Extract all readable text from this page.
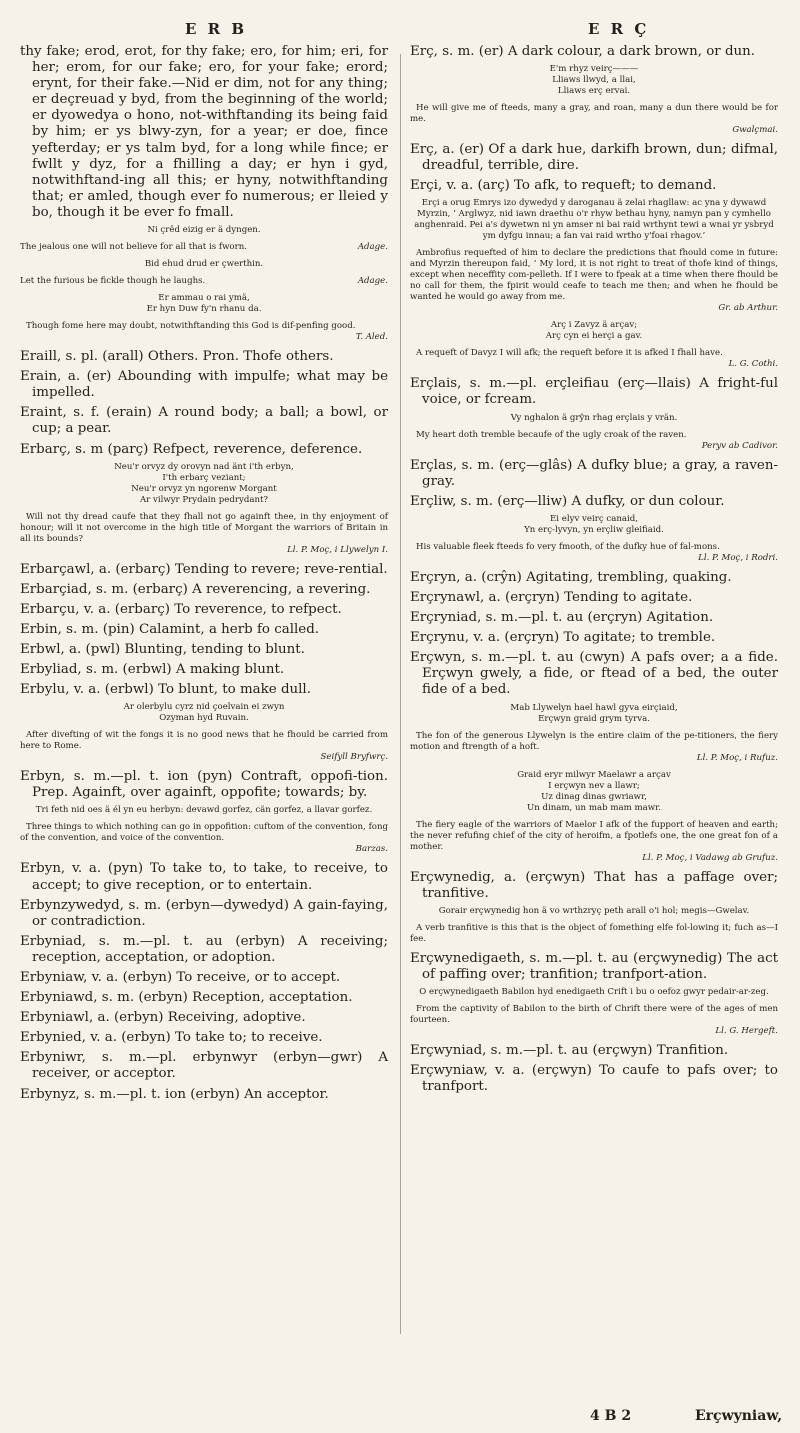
E R B	E R Ç

thy fake; erod, erot, for thy fake; ero, for him; eri, for her; erom, for our fake; ero, for your fake; erord; erynt, for their fake.—Nid er dim, not for any thing; er deçreuad y byd, from the beginning of the world; er dyowedya o hono, not-withftanding its being faid by him; er ys blwy-zyn, for a year; er doe, fince yefterday; er ys talm byd, for a long while fince; er fwllt y dyz, for a fhilling a day; er hyn i gyd, notwithftand-ing all this; er hyny, notwithftanding that; er amled, though ever fo numerous; er lleied y bo, though it be ever fo fmall.

Ni çrêd eizig er ä dyngen.

The jealous one will not believe for all that is fworn.	Adage.

Bid ehud drud er çwerthin.

Let the furious be fickle though he laughs.	Adage.

Er ammau o rai ymä,

Er hyn Duw fy'n rhanu da.

Though fome here may doubt, notwithftanding this God is dif-penfing good.

T. Aled.

Eraill, s. pl. (arall) Others. Pron. Thofe others.

Erain, a. (er) Abounding with impulfe; what may be impelled.

Eraint, s. f. (erain) A round body; a ball; a bowl, or cup; a pear.

Erbarç, s. m (parç) Refpect, reverence, deference.

Neu'r orvyz dy orovyn nad änt i'th erbyn,

I'th erbarç veziant;

Neu'r orvyz yn ngorenw Morgant

Ar vilwyr Prydain pedrydant?

Will not thy dread caufe that they fhall not go againft thee, in thy enjoyment of honour; will it not overcome in the high title of Morgant the warriors of Britain in all its bounds?

Ll. P. Moç, i Llywelyn I.

Erbarçawl, a. (erbarç) Tending to revere; reve-rential.

Erbarçiad, s. m. (erbarç) A reverencing, a revering.

Erbarçu, v. a. (erbarç) To reverence, to refpect.

Erbin, s. m. (pin) Calamint, a herb fo called.

Erbwl, a. (pwl) Blunting, tending to blunt.

Erbyliad, s. m. (erbwl) A making blunt.

Erbylu, v. a. (erbwl) To blunt, to make dull.

Ar olerbylu cyrz nid çoelvain ei zwyn

Ozyman hyd Ruvain.

After divefting of wit the fongs it is no good news that he fhould be carried from here to Rome.

Seifyll Bryfwrç.

Erbyn, s. m.—pl. t. ion (pyn) Contraft, oppofi-tion. Prep. Againft, over againft, oppofite; towards; by.

Tri feth nid oes ä él yn eu herbyn: devawd gorfez, cän gorfez, a llavar gorfez.

Three things to which nothing can go in oppofition: cuftom of the convention, fong of the convention, and voice of the convention.

Barzas.

Erbyn, v. a. (pyn) To take to, to take, to receive, to accept; to give reception, or to entertain.

Erbynzywedyd, s. m. (erbyn—dywedyd) A gain-faying, or contradiction.

Erbyniad, s. m.—pl. t. au (erbyn) A receiving; reception, acceptation, or adoption.

Erbyniaw, v. a. (erbyn) To receive, or to accept.

Erbyniawd, s. m. (erbyn) Reception, acceptation.

Erbyniawl, a. (erbyn) Receiving, adoptive.

Erbynied, v. a. (erbyn) To take to; to receive.

Erbyniwr, s. m.—pl. erbynwyr (erbyn—gwr) A receiver, or acceptor.

Erbynyz, s. m.—pl. t. ion (erbyn) An acceptor.

Erç, s. m. (er) A dark colour, a dark brown, or dun.

E'm rhyz veirç———

Lliaws llwyd, a llai,

Lliaws erç ervai.

He will give me of fteeds, many a gray, and roan, many a dun there would be for me.

Gwalçmai.

Erç, a. (er) Of a dark hue, darkifh brown, dun; difmal, dreadful, terrible, dire.

Erçi, v. a. (arç) To afk, to requeft; to demand.

Erçi a orug Emrys izo dywedyd y daroganau ä zelai rhagllaw: ac yna y dywawd Myrzin, ‘ Arglwyz, nid iawn draethu o'r rhyw bethau hyny, namyn pan y cymhello anghenraid. Pei a's dywetwn ni yn amser ni bai raid wrthynt tewi a wnai yr ysbryd ym dyfgu innau; a fan vai raid wrtho y'foai rhagov.’

Ambrofius requefted of him to declare the predictions that fhould come in future: and Myrzin thereupon faid, ‘ My lord, it is not right to treat of thofe kind of things, except when neceffity com-pelleth. If I were to fpeak at a time when there fhould be no call for them, the fpirit would ceafe to teach me then; and when he fhould be wanted he would go away from me.

Gr. ab Arthur.

Arç i Zavyz ä arçav;

Arç cyn ei herçi a gav.

A requeft of Davyz I will afk; the requeft before it is afked I fhall have.

L. G. Cothi.

Erçlais, s. m.—pl. erçleifiau (erç—llais) A fright-ful voice, or fcream.

Vy nghalon ä grŷn rhag erçlais y vrän.

My heart doth tremble becaufe of the ugly croak of the raven.

Peryv ab Cadivor.

Erçlas, s. m. (erç—glâs) A dufky blue; a gray, a raven-gray.

Erçliw, s. m. (erç—lliw) A dufky, or dun colour.

Ei elyv veirç canaid,

Yn erç-lyvyn, yn erçliw gleifiaid.

His valuable fleek fteeds fo very fmooth, of the dufky hue of fal-mons.

Ll. P. Moç, i Rodri.

Erçryn, a. (crŷn) Agitating, trembling, quaking.

Erçrynawl, a. (erçryn) Tending to agitate.

Erçryniad, s. m.—pl. t. au (erçryn) Agitation.

Erçrynu, v. a. (erçryn) To agitate; to tremble.

Erçwyn, s. m.—pl. t. au (cwyn) A pafs over; a a fide. Erçwyn gwely, a fide, or ftead of a bed, the outer fide of a bed.

Mab Llywelyn hael hawl gyva eirçiaid,

Erçwyn graid grym tyrva.

The fon of the generous Llywelyn is the entire claim of the pe-titioners, the fiery motion and ftrength of a hoft.

Ll. P. Moç, i Rufuz.

Graid eryr milwyr Maelawr a arçav

I erçwyn nev a llawr;

Uz dinag dinas gwriawr,

Un dinam, un mab mam mawr.

The fiery eagle of the warriors of Maelor I afk of the fupport of heaven and earth; the never refufing chief of the city of heroifm, a fpotlefs one, the one great fon of a mother.

Ll. P. Moç, i Vadawg ab Grufuz.

Erçwynedig, a. (erçwyn) That has a paffage over; tranfitive.

Gorair erçwynedig hon ä vo wrthzryç peth arall o'i hol; megis—Gwelav.

A verb tranfitive is this that is the object of fomething elfe fol-lowing it; fuch as—I fee.

Erçwynedigaeth, s. m.—pl. t. au (erçwynedig) The act of paffing over; tranfition; tranfport-ation.

O erçwynedigaeth Babilon hyd enedigaeth Crift i bu o oefoz gwyr pedair-ar-zeg.

From the captivity of Babilon to the birth of Chrift there were of the ages of men fourteen.

Ll. G. Hergeft.

Erçwyniad, s. m.—pl. t. au (erçwyn) Tranfition.

Erçwyniaw, v. a. (erçwyn) To caufe to pafs over; to tranfport.

4 B 2	Erçwyniaw,
